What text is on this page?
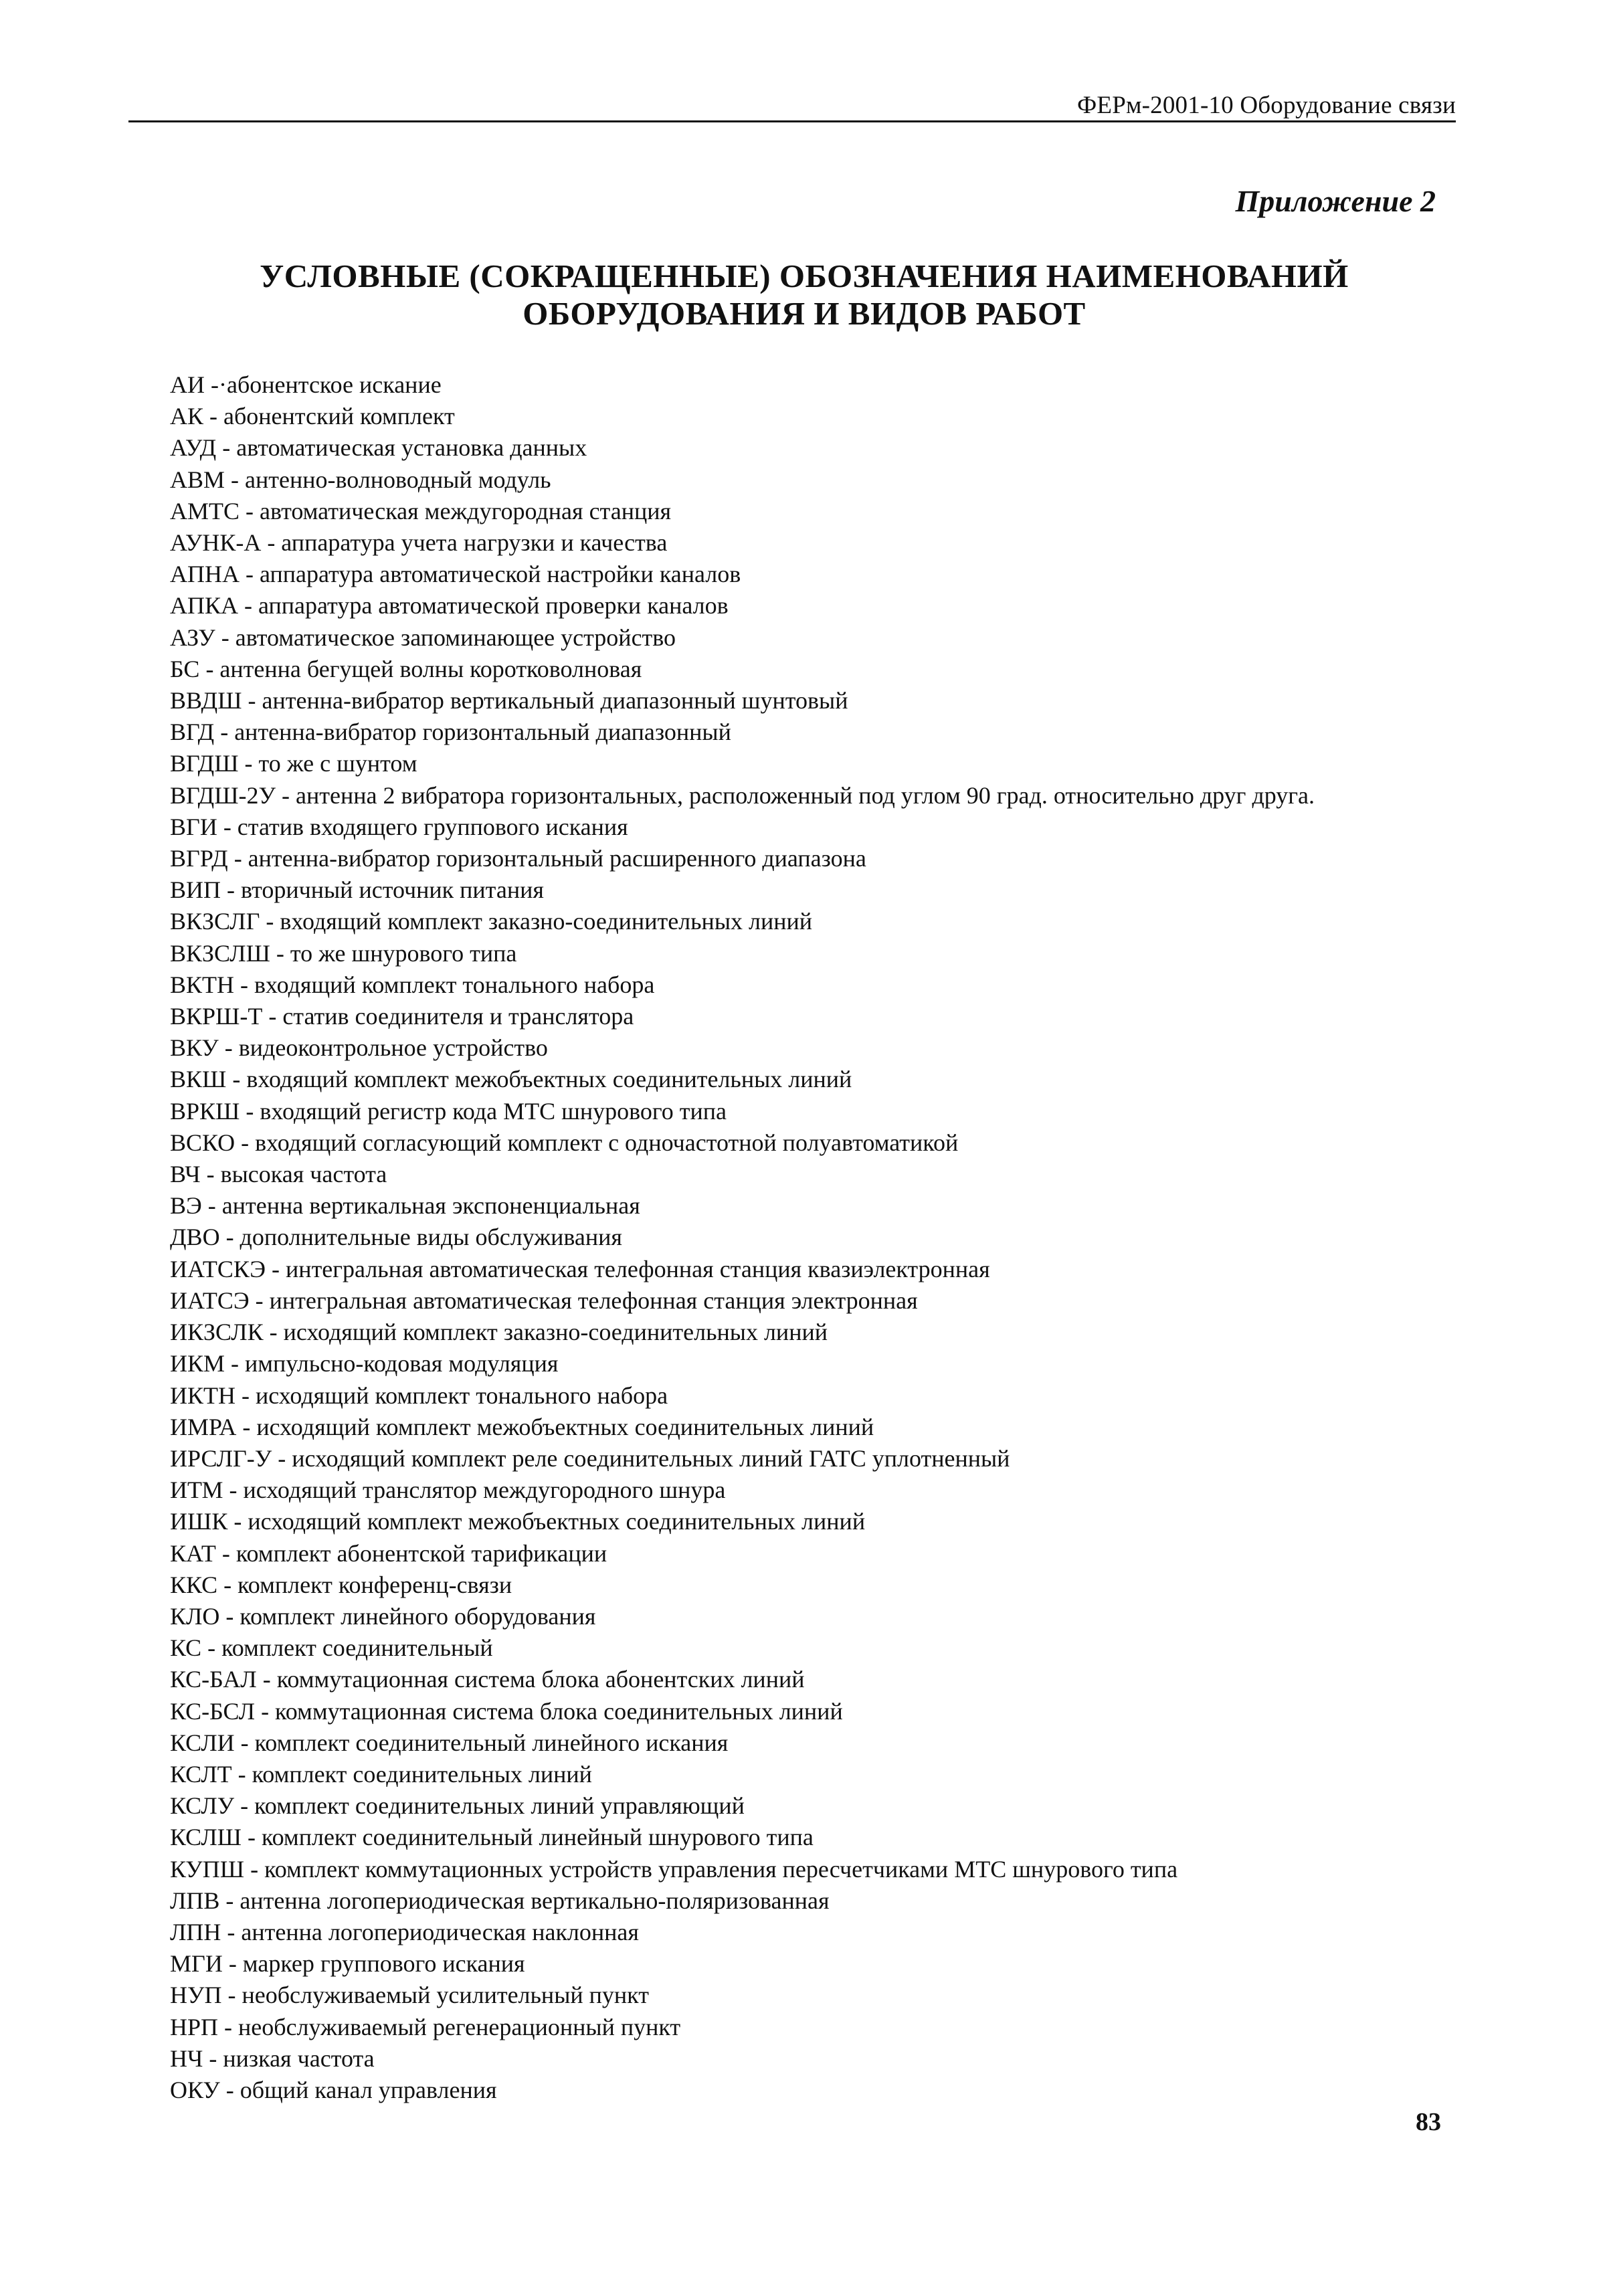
ФЕРм-2001-10 Оборудование связи
Приложение 2
УСЛОВНЫЕ (СОКРАЩЕННЫЕ) ОБОЗНАЧЕНИЯ НАИМЕНОВАНИЙ
ОБОРУДОВАНИЯ И ВИДОВ РАБОТ
АИ -·абонентское искание
АК - абонентский комплект
АУД - автоматическая установка данных
АВМ - антенно-волноводный модуль
АМТС - автоматическая междугородная станция
АУНК-А - аппаратура учета нагрузки и качества
АПНА - аппаратура автоматической настройки каналов
АПКА - аппаратура автоматической проверки каналов
АЗУ - автоматическое запоминающее устройство
БС - антенна бегущей волны коротковолновая
ВВДШ - антенна-вибратор вертикальный диапазонный шунтовый
ВГД - антенна-вибратор горизонтальный диапазонный
ВГДШ - то же с шунтом
ВГДШ-2У - антенна 2 вибратора горизонтальных, расположенный под углом 90 град. относительно друг друга.
ВГИ - статив входящего группового искания
ВГРД - антенна-вибратор горизонтальный расширенного диапазона
ВИП - вторичный источник питания
ВКЗСЛГ - входящий комплект заказно-соединительных линий
ВКЗСЛШ - то же шнурового типа
ВКТН - входящий комплект тонального набора
ВКРШ-Т - статив соединителя и транслятора
ВКУ - видеоконтрольное устройство
ВКШ - входящий комплект межобъектных соединительных линий
ВРКШ - входящий регистр кода МТС шнурового типа
ВСКО - входящий согласующий комплект с одночастотной полуавтоматикой
ВЧ - высокая частота
ВЭ - антенна вертикальная экспоненциальная
ДВО - дополнительные виды обслуживания
ИАТСКЭ - интегральная автоматическая телефонная станция квазиэлектронная
ИАТСЭ - интегральная автоматическая телефонная станция электронная
ИКЗСЛК - исходящий комплект заказно-соединительных линий
ИКМ - импульсно-кодовая модуляция
ИКТН - исходящий комплект тонального набора
ИМРА - исходящий комплект межобъектных соединительных линий
ИРСЛГ-У - исходящий комплект реле соединительных линий ГАТС уплотненный
ИТМ - исходящий транслятор междугородного шнура
ИШК - исходящий комплект межобъектных соединительных линий
КАТ - комплект абонентской тарификации
ККС - комплект конференц-связи
КЛО - комплект линейного оборудования
КС - комплект соединительный
КС-БАЛ - коммутационная система блока абонентских линий
КС-БСЛ - коммутационная система блока соединительных линий
КСЛИ - комплект соединительный линейного искания
КСЛТ - комплект соединительных линий
КСЛУ - комплект соединительных линий управляющий
КСЛШ - комплект соединительный линейный шнурового типа
КУПШ - комплект коммутационных устройств управления пересчетчиками МТС шнурового типа
ЛПВ - антенна логопериодическая вертикально-поляризованная
ЛПН - антенна логопериодическая наклонная
МГИ - маркер группового искания
НУП - необслуживаемый усилительный пункт
НРП - необслуживаемый регенерационный пункт
НЧ - низкая частота
ОКУ - общий канал управления
83
